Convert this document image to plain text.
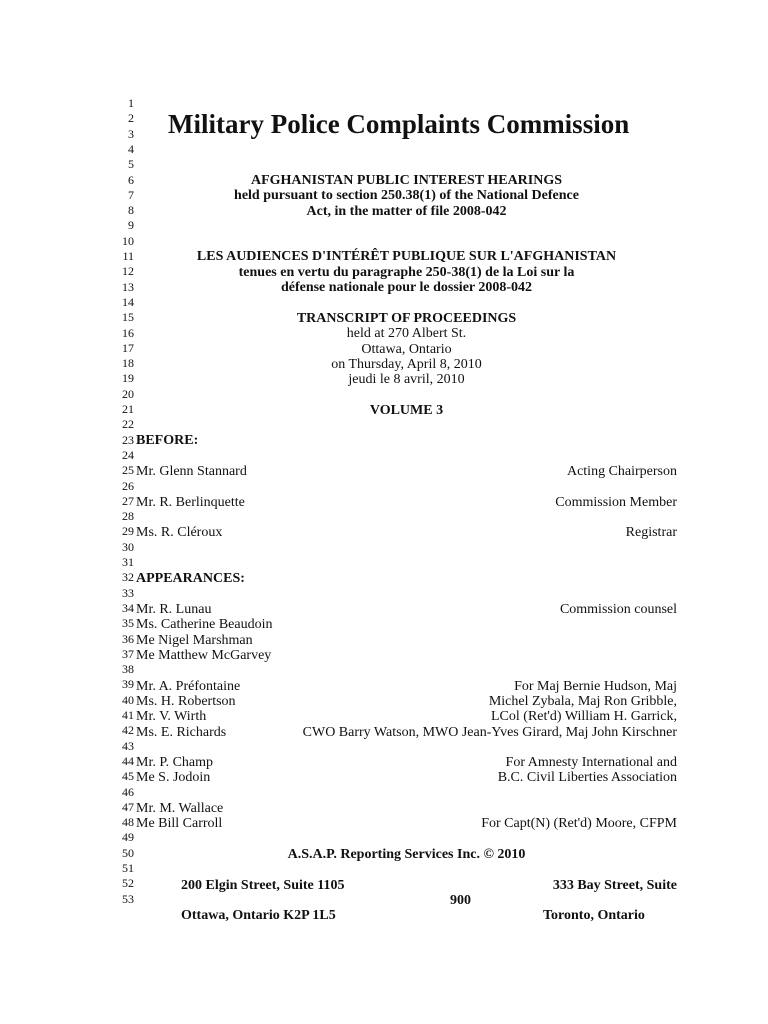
1
2
3
4
5
6
7
8
9
10
11
12
13
14
15
16
17
18
19
20
21
22
23
24
25
26
27
28
29
30
31
32
33
34
35
36
37
38
39
40
41
42
43
44
45
46
47
48
49
50
51
52
53
Military Police Complaints Commission
AFGHANISTAN PUBLIC INTEREST HEARINGS
held pursuant to section 250.38(1) of the National Defence
Act, in the matter of file 2008-042
LES AUDIENCES D'INTÉRÊT PUBLIQUE SUR L'AFGHANISTAN
tenues en vertu du paragraphe 250-38(1) de la Loi sur la
défense nationale pour le dossier 2008-042
TRANSCRIPT OF PROCEEDINGS
held at 270 Albert St.
Ottawa, Ontario
on Thursday, April 8, 2010
jeudi le 8 avril, 2010
VOLUME 3
BEFORE:
Mr. Glenn Stannard	Acting Chairperson
Mr. R. Berlinquette	Commission Member
Ms. R. Cléroux	Registrar
APPEARANCES:
Mr. R. Lunau	Commission counsel
Ms. Catherine Beaudoin
Me Nigel Marshman
Me Matthew McGarvey
Mr. A. Préfontaine	For Maj Bernie Hudson, Maj
Ms. H. Robertson	Michel Zybala, Maj Ron Gribble,
Mr. V. Wirth	LCol (Ret'd) William H. Garrick,
Ms. E. Richards	CWO Barry Watson, MWO Jean-Yves Girard, Maj John Kirschner
Mr. P. Champ	For Amnesty International and
Me S. Jodoin	B.C. Civil Liberties Association
Mr. M. Wallace
Me Bill Carroll	For Capt(N) (Ret'd) Moore, CFPM
A.S.A.P. Reporting Services Inc. © 2010
200 Elgin Street, Suite 1105	333 Bay Street, Suite
900
Ottawa, Ontario K2P 1L5	Toronto, Ontario
